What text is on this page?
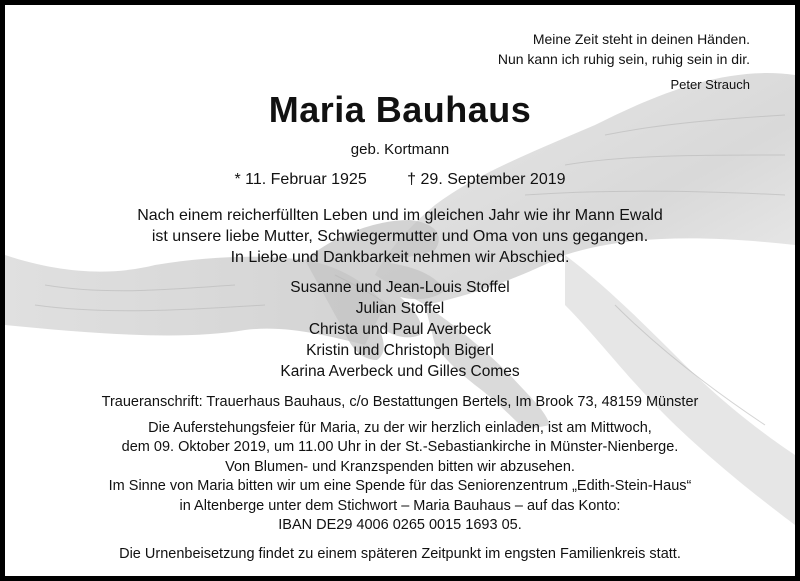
Meine Zeit steht in deinen Händen.
Nun kann ich ruhig sein, ruhig sein in dir.
Peter Strauch
Maria Bauhaus
geb. Kortmann
* 11. Februar 1925	† 29. September 2019
Nach einem reicherfüllten Leben und im gleichen Jahr wie ihr Mann Ewald
ist unsere liebe Mutter, Schwiegermutter und Oma von uns gegangen.
In Liebe und Dankbarkeit nehmen wir Abschied.
Susanne und Jean-Louis Stoffel
Julian Stoffel
Christa und Paul Averbeck
Kristin und Christoph Bigerl
Karina Averbeck und Gilles Comes
Traueranschrift: Trauerhaus Bauhaus, c/o Bestattungen Bertels, Im Brook 73, 48159 Münster
Die Auferstehungsfeier für Maria, zu der wir herzlich einladen, ist am Mittwoch,
dem 09. Oktober 2019, um 11.00 Uhr in der St.-Sebastiankirche in Münster-Nienberge.
Von Blumen- und Kranzspenden bitten wir abzusehen.
Im Sinne von Maria bitten wir um eine Spende für das Seniorenzentrum „Edith-Stein-Haus“
in Altenberge unter dem Stichwort – Maria Bauhaus – auf das Konto:
IBAN DE29 4006 0265 0015 1693 05.
Die Urnenbeisetzung findet zu einem späteren Zeitpunkt im engsten Familienkreis statt.
